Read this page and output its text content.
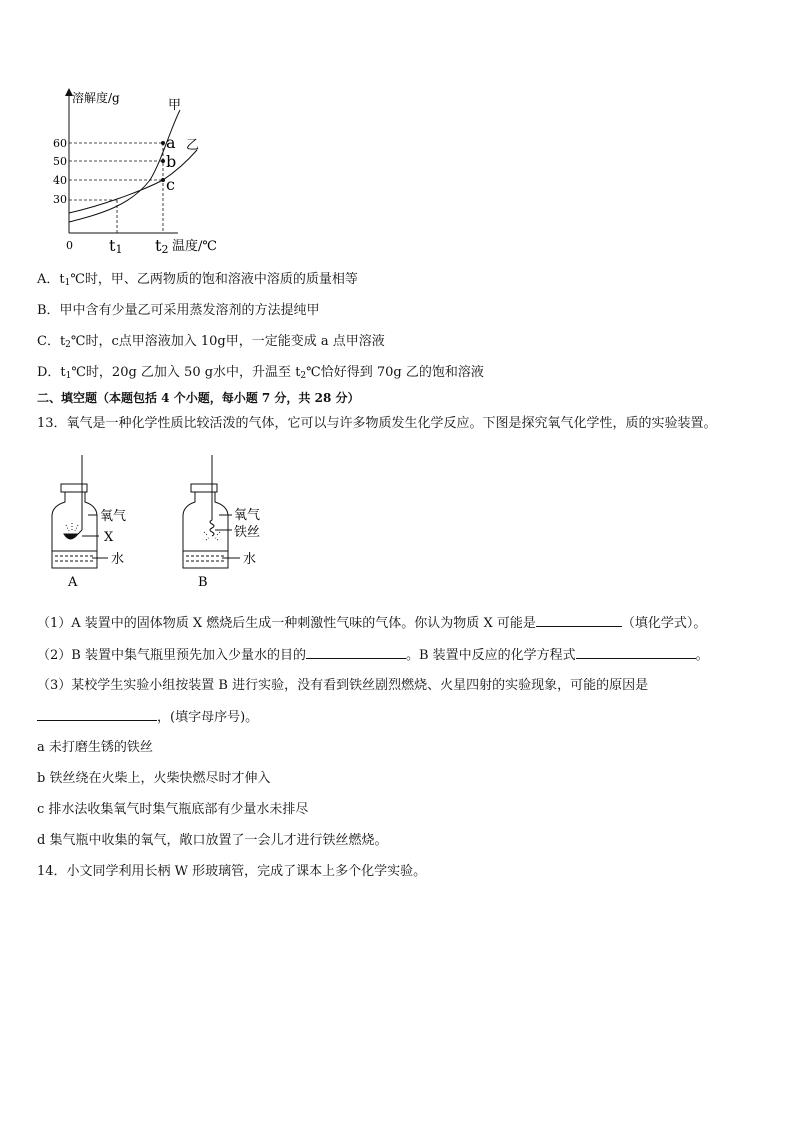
溶解度/g	甲
乙
a
b
c
60
50
40
30
0 t1 t2 温度/℃
A．$t_1℃$时，甲、乙两物质的饱和溶液中溶质的质量相等
B．甲中含有少量乙可采用蒸发溶剂的方法提纯甲
C．$t_2℃$时，c点甲溶液加入 10g甲，一定能变成 a 点甲溶液
D．$t_1℃$时，20g 乙加入 50 g水中，升温至 $t_2℃$恰好得到 70g 乙的饱和溶液
二、填空题（本题包括 4 个小题，每小题 7 分，共 28 分）
13．氧气是一种化学性质比较活泼的气体，它可以与许多物质发生化学反应。下图是探究氧气化学性，质的实验装置。
氧气
X
水
A
氧气
铁丝
水
B
（1）A 装置中的固体物质 X 燃烧后生成一种刺激性气味的气体。你认为物质 X 可能是	（填化学式）。
（2）B 装置中集气瓶里预先加入少量水的目的	。B 装置中反应的化学方程式	。
（3）某校学生实验小组按装置 B 进行实验，没有看到铁丝剧烈燃烧、火星四射的实验现象，可能的原因是
，(填字母序号)。
a 未打磨生锈的铁丝
b 铁丝绕在火柴上，火柴快燃尽时才伸入
c 排水法收集氧气时集气瓶底部有少量水未排尽
d 集气瓶中收集的氧气，敞口放置了一会儿才进行铁丝燃烧。
14．小文同学利用长柄 W 形玻璃管，完成了课本上多个化学实验。
